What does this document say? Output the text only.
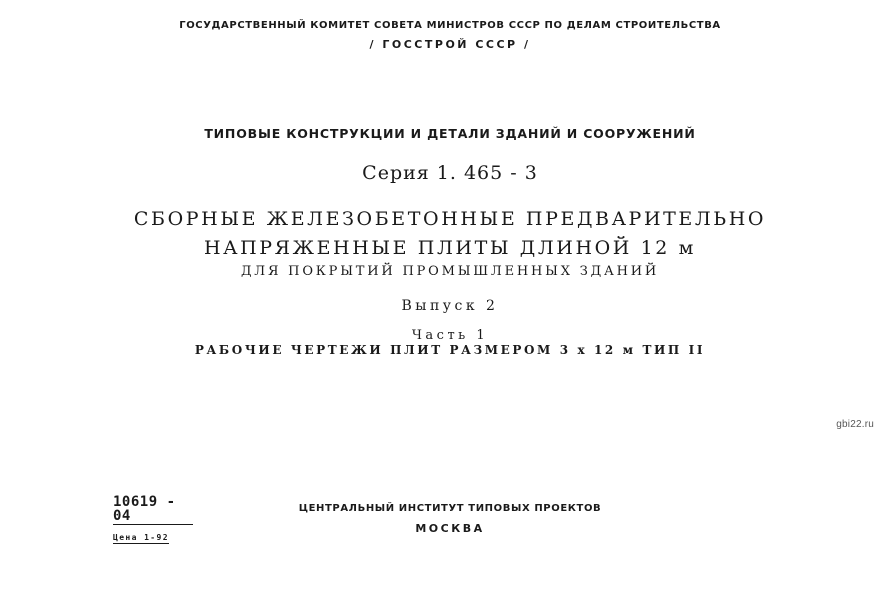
ГОСУДАРСТВЕННЫЙ КОМИТЕТ СОВЕТА МИНИСТРОВ СССР ПО ДЕЛАМ СТРОИТЕЛЬСТВА
/ ГОССТРОЙ СССР /
ТИПОВЫЕ КОНСТРУКЦИИ И ДЕТАЛИ ЗДАНИЙ И СООРУЖЕНИЙ
Серия 1. 465 - 3
СБОРНЫЕ ЖЕЛЕЗОБЕТОННЫЕ ПРЕДВАРИТЕЛЬНО
НАПРЯЖЕННЫЕ ПЛИТЫ ДЛИНОЙ 12 м
ДЛЯ ПОКРЫТИЙ ПРОМЫШЛЕННЫХ ЗДАНИЙ
Выпуск 2
Часть 1
РАБОЧИЕ ЧЕРТЕЖИ ПЛИТ РАЗМЕРОМ 3 х 12 м ТИП II
gbi22.ru
10619 - 04
Цена 1-92
ЦЕНТРАЛЬНЫЙ ИНСТИТУТ ТИПОВЫХ ПРОЕКТОВ
МОСКВА
